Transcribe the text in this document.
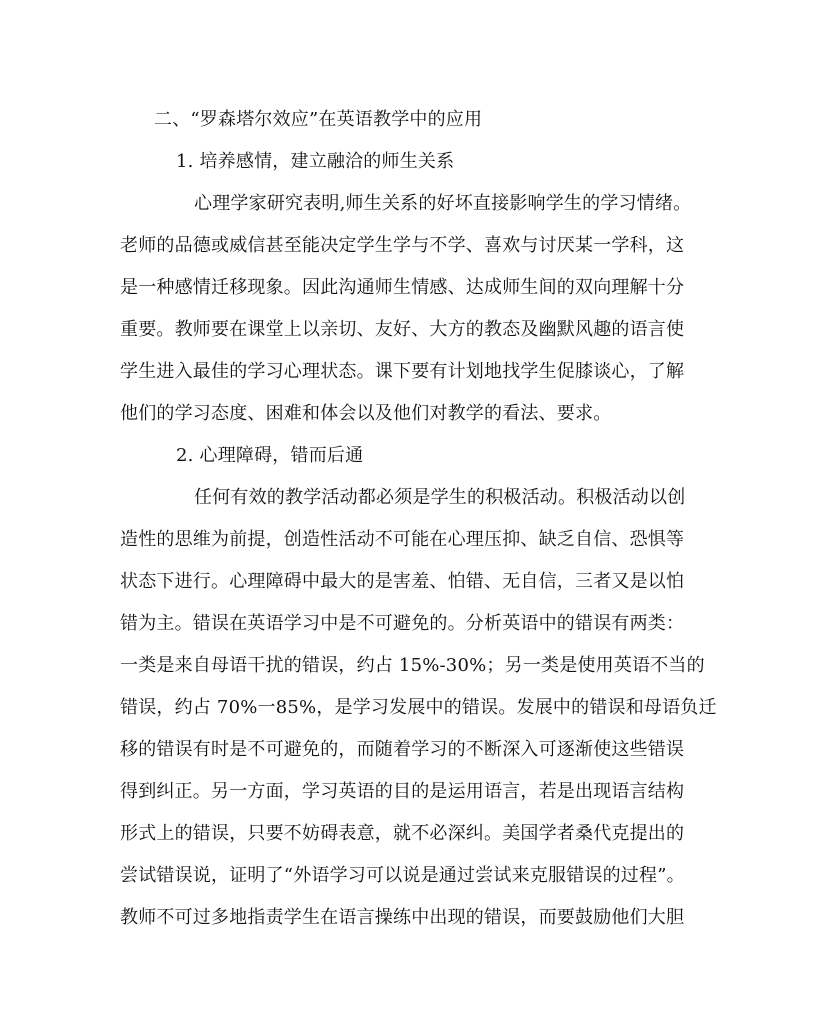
二、“罗森塔尔效应”在英语教学中的应用
1. 培养感情，建立融洽的师生关系
心理学家研究表明,师生关系的好坏直接影响学生的学习情绪。
老师的品德或威信甚至能决定学生学与不学、喜欢与讨厌某一学科，这
是一种感情迁移现象。因此沟通师生情感、达成师生间的双向理解十分
重要。教师要在课堂上以亲切、友好、大方的教态及幽默风趣的语言使
学生进入最佳的学习心理状态。课下要有计划地找学生促膝谈心，了解
他们的学习态度、困难和体会以及他们对教学的看法、要求。
2. 心理障碍，错而后通
任何有效的教学活动都必须是学生的积极活动。积极活动以创
造性的思维为前提，创造性活动不可能在心理压抑、缺乏自信、恐惧等
状态下进行。心理障碍中最大的是害羞、怕错、无自信，三者又是以怕
错为主。错误在英语学习中是不可避免的。分析英语中的错误有两类：
一类是来自母语干扰的错误，约占 15%-30%；另一类是使用英语不当的
错误，约占 70%一85%，是学习发展中的错误。发展中的错误和母语负迁
移的错误有时是不可避免的，而随着学习的不断深入可逐渐使这些错误
得到纠正。另一方面，学习英语的目的是运用语言，若是出现语言结构
形式上的错误，只要不妨碍表意，就不必深纠。美国学者桑代克提出的
尝试错误说，证明了“外语学习可以说是通过尝试来克服错误的过程”。
教师不可过多地指责学生在语言操练中出现的错误，而要鼓励他们大胆
